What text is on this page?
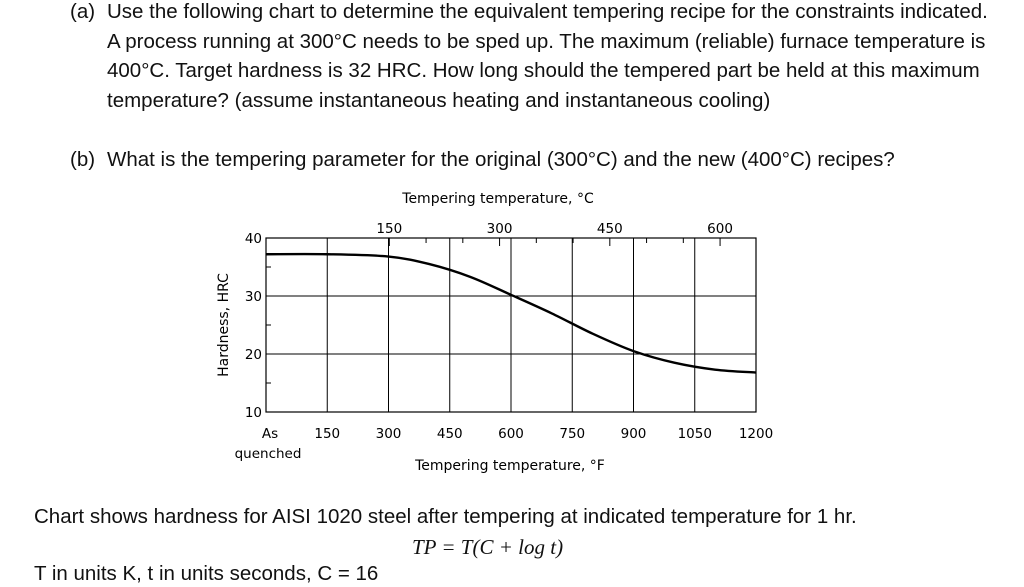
(a) Use the following chart to determine the equivalent tempering recipe for the constraints indicated. A process running at 300°C needs to be sped up. The maximum (reliable) furnace temperature is 400°C. Target hardness is 32 HRC. How long should the tempered part be held at this maximum temperature? (assume instantaneous heating and instantaneous cooling)
(b) What is the tempering parameter for the original (300°C) and the new (400°C) recipes?
Tempering temperature, °C
150	300	450	600
40
30
20
10
150	300	450	600	750	900 1050 1200
As
quenched
Tempering temperature, °F
Hardness, HRC
Chart shows hardness for AISI 1020 steel after tempering at indicated temperature for 1 hr.
TP = T(C + log t)
T in units K, t in units seconds, C = 16
